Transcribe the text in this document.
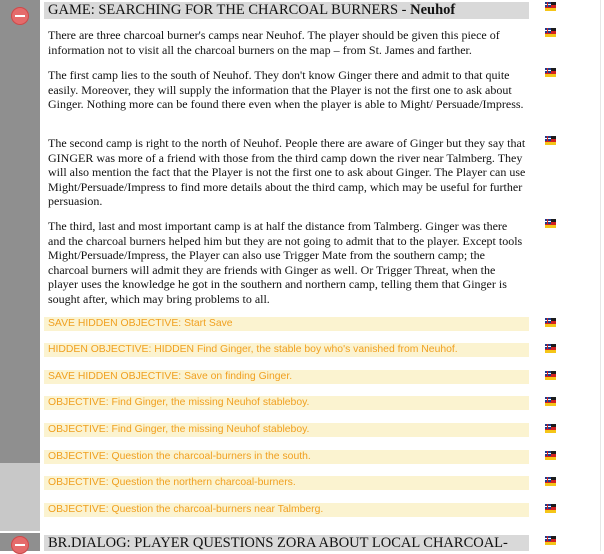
GAME: SEARCHING FOR THE CHARCOAL BURNERS - Neuhof
There are three charcoal burner's camps near Neuhof. The player should be given this piece of information not to visit all the charcoal burners on the map – from St. James and farther.
The first camp lies to the south of Neuhof. They don't know Ginger there and admit to that quite easily. Moreover, they will supply the information that the Player is not the first one to ask about Ginger. Nothing more can be found there even when the player is able to Might/ Persuade/Impress.
The second camp is right to the north of Neuhof. People there are aware of Ginger but they say that GINGER was more of a friend with those from the third camp down the river near Talmberg. They will also mention the fact that the Player is not the first one to ask about Ginger. The Player can use Might/Persuade/Impress to find more details about the third camp, which may be useful for further persuasion.
The third, last and most important camp is at half the distance from Talmberg. Ginger was there and the charcoal burners helped him but they are not going to admit that to the player. Except tools Might/Persuade/Impress, the Player can also use Trigger Mate from the southern camp; the charcoal burners will admit they are friends with Ginger as well. Or Trigger Threat, when the player uses the knowledge he got in the southern and northern camp, telling them that Ginger is sought after, which may bring problems to all.
SAVE HIDDEN OBJECTIVE: Start Save
HIDDEN OBJECTIVE: HIDDEN Find Ginger, the stable boy who's vanished from Neuhof.
SAVE HIDDEN OBJECTIVE: Save on finding Ginger.
OBJECTIVE: Find Ginger, the missing Neuhof stableboy.
OBJECTIVE: Find Ginger, the missing Neuhof stableboy.
OBJECTIVE: Question the charcoal-burners in the south.
OBJECTIVE: Question the northern charcoal-burners.
OBJECTIVE: Question the charcoal-burners near Talmberg.
BR.DIALOG: PLAYER QUESTIONS ZORA ABOUT LOCAL CHARCOAL-
